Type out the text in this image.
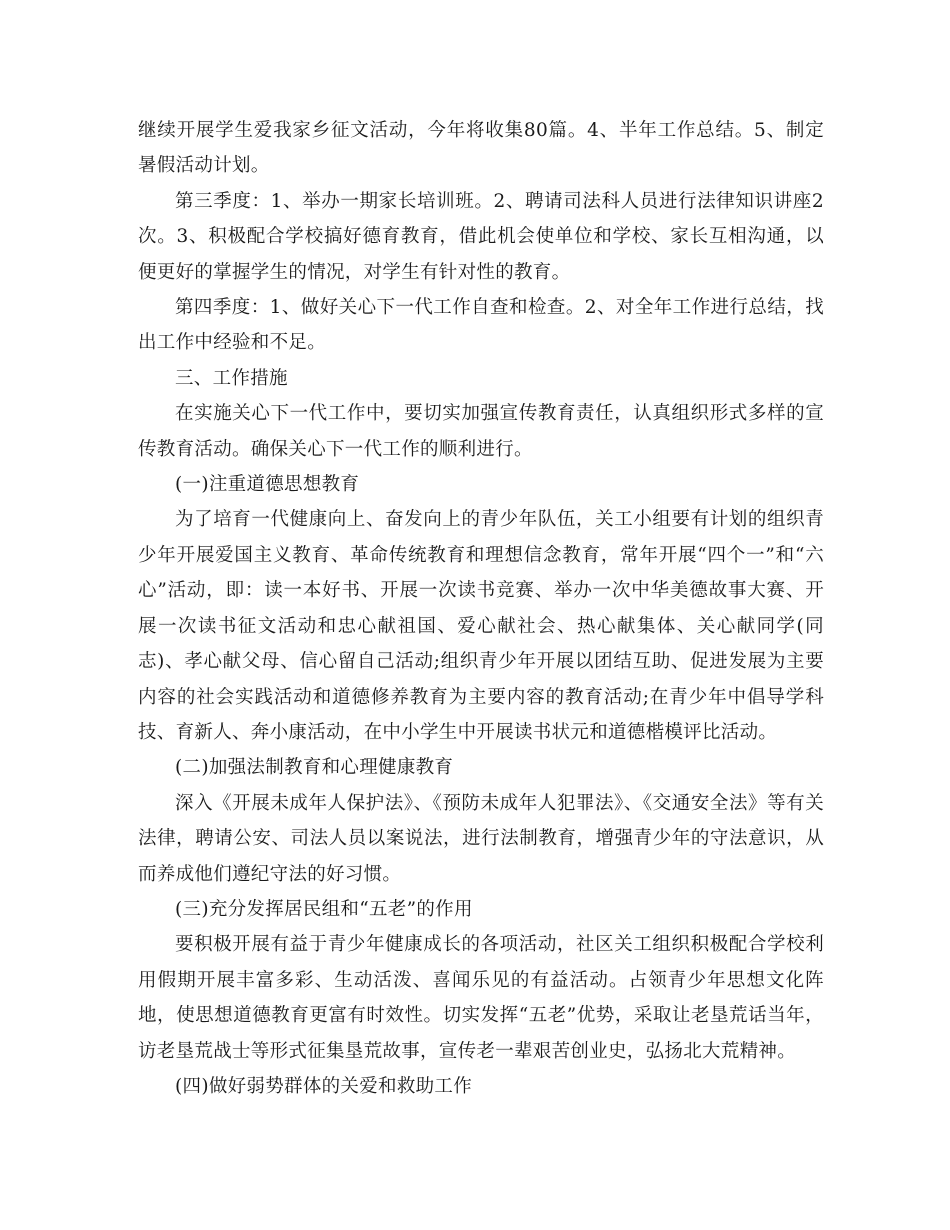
继续开展学生爱我家乡征文活动，今年将收集80篇。4、半年工作总结。5、制定暑假活动计划。

第三季度：1、举办一期家长培训班。2、聘请司法科人员进行法律知识讲座2次。3、积极配合学校搞好德育教育，借此机会使单位和学校、家长互相沟通，以便更好的掌握学生的情况，对学生有针对性的教育。

第四季度：1、做好关心下一代工作自查和检查。2、对全年工作进行总结，找出工作中经验和不足。

三、工作措施

在实施关心下一代工作中，要切实加强宣传教育责任，认真组织形式多样的宣传教育活动。确保关心下一代工作的顺利进行。

(一)注重道德思想教育

为了培育一代健康向上、奋发向上的青少年队伍，关工小组要有计划的组织青少年开展爱国主义教育、革命传统教育和理想信念教育，常年开展“四个一”和“六心”活动，即：读一本好书、开展一次读书竞赛、举办一次中华美德故事大赛、开展一次读书征文活动和忠心献祖国、爱心献社会、热心献集体、关心献同学(同志)、孝心献父母、信心留自己活动;组织青少年开展以团结互助、促进发展为主要内容的社会实践活动和道德修养教育为主要内容的教育活动;在青少年中倡导学科技、育新人、奔小康活动，在中小学生中开展读书状元和道德楷模评比活动。

(二)加强法制教育和心理健康教育

深入《开展未成年人保护法》、《预防未成年人犯罪法》、《交通安全法》等有关法律，聘请公安、司法人员以案说法，进行法制教育，增强青少年的守法意识，从而养成他们遵纪守法的好习惯。

(三)充分发挥居民组和“五老”的作用

要积极开展有益于青少年健康成长的各项活动，社区关工组织积极配合学校利用假期开展丰富多彩、生动活泼、喜闻乐见的有益活动。占领青少年思想文化阵地，使思想道德教育更富有时效性。切实发挥“五老”优势，采取让老垦荒话当年，访老垦荒战士等形式征集垦荒故事，宣传老一辈艰苦创业史，弘扬北大荒精神。

(四)做好弱势群体的关爱和救助工作
